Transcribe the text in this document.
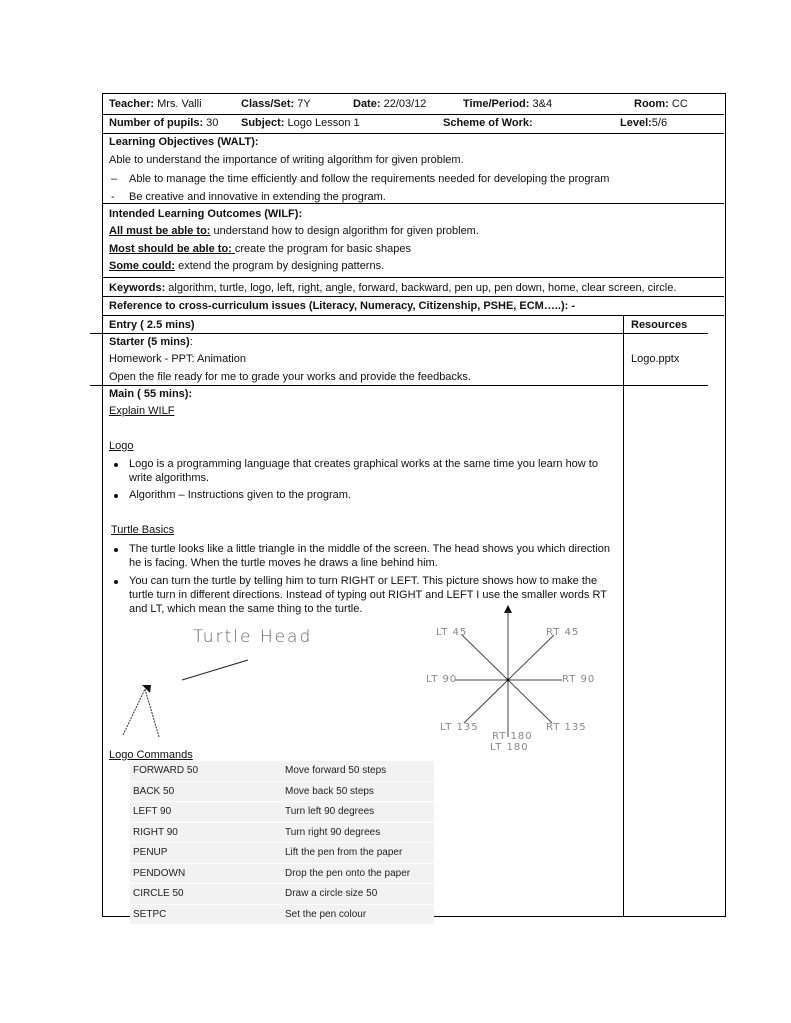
Teacher: Mrs. Valli	Class/Set: 7Y	Date: 22/03/12	Time/Period: 3&4	Room: CC
Number of pupils: 30 Subject: Logo Lesson 1	Scheme of Work:	Level:5/6
Learning Objectives (WALT):
Able to understand the importance of writing algorithm for given problem.
– Able to manage the time efficiently and follow the requirements needed for developing the program
- Be creative and innovative in extending the program.
Intended Learning Outcomes (WILF):
All must be able to: understand how to design algorithm for given problem.
Most should be able to: create the program for basic shapes
Some could: extend the program by designing patterns.
Keywords: algorithm, turtle, logo, left, right, angle, forward, backward, pen up, pen down, home, clear screen, circle.
Reference to cross-curriculum issues (Literacy, Numeracy, Citizenship, PSHE, ECM…..): -
Entry ( 2.5 mins)	Resources
Starter (5 mins):
Homework - PPT: Animation	Logo.pptx
Open the file ready for me to grade your works and provide the feedbacks.
Main ( 55 mins):
Explain WILF
Logo
Logo is a programming language that creates graphical works at the same time you learn how to write algorithms.
Algorithm – Instructions given to the program.
Turtle Basics
The turtle looks like a little triangle in the middle of the screen. The head shows you which direction he is facing. When the turtle moves he draws a line behind him.
You can turn the turtle by telling him to turn RIGHT or LEFT. This picture shows how to make the turtle turn in different directions. Instead of typing out RIGHT and LEFT I use the smaller words RT and LT, which mean the same thing to the turtle.
Turtle Head	LT 45	RT 45
LT 90	RT 90
LT 135	RT 135
RT 180
LT 180
Logo Commands
FORWARD 50	Move forward 50 steps
BACK 50	Move back 50 steps
LEFT 90	Turn left 90 degrees
RIGHT 90	Turn right 90 degrees
PENUP	Lift the pen from the paper
PENDOWN	Drop the pen onto the paper
CIRCLE 50	Draw a circle size 50
SETPC	Set the pen colour
